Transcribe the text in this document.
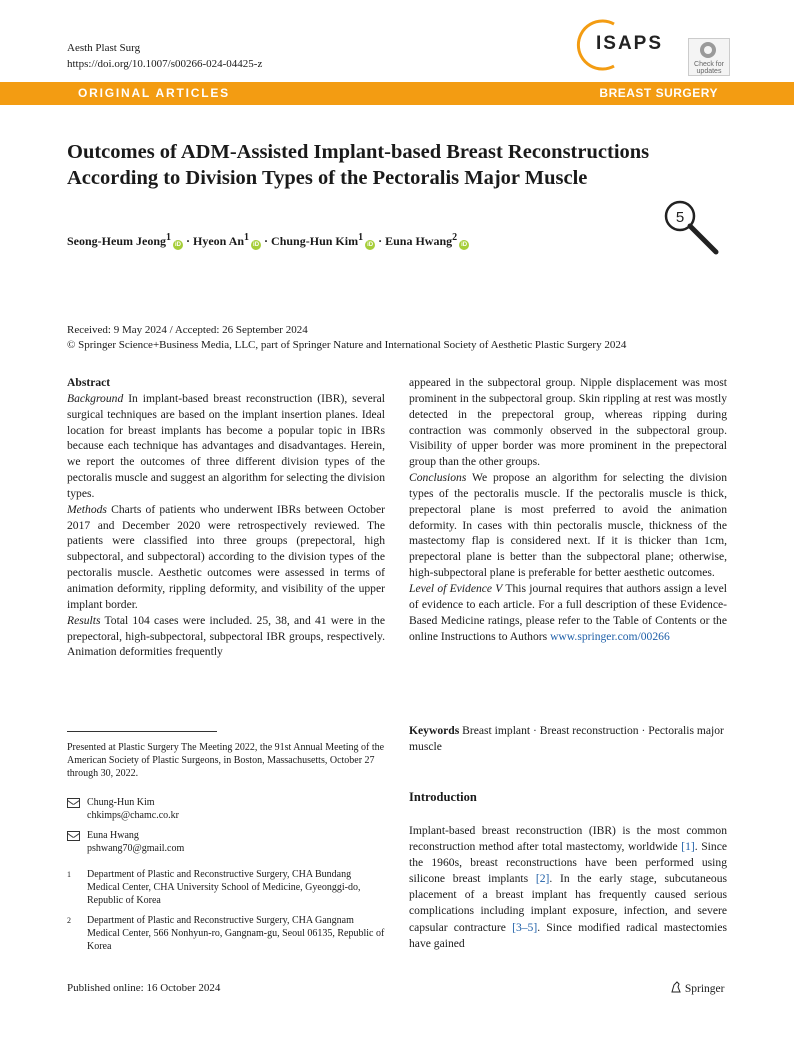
Aesth Plast Surg
https://doi.org/10.1007/s00266-024-04425-z
ISAPS
Check for updates
ORIGINAL ARTICLES	BREAST SURGERY
Outcomes of ADM-Assisted Implant-based Breast Reconstructions According to Division Types of the Pectoralis Major Muscle
5
Seong-Heum Jeong$^1$iD · Hyeon $An^1iD$ · Chung-Hun Kim$^1$iD · Euna Hwang$^2$iD
Received: 9 May 2024 / Accepted: 26 September 2024
© Springer Science+Business Media, LLC, part of Springer Nature and International Society of Aesthetic Plastic Surgery 2024
Abstract
Background In implant-based breast reconstruction (IBR), several surgical techniques are based on the implant insertion planes. Ideal location for breast implants has become a popular topic in IBRs because each technique has advantages and disadvantages. Herein, we report the outcomes of three different division types of the pectoralis muscle and suggest an algorithm for selecting the division types.
Methods Charts of patients who underwent IBRs between October 2017 and December 2020 were retrospectively reviewed. The patients were classified into three groups (prepectoral, high subpectoral, and subpectoral) according to the division types of the pectoralis muscle. Aesthetic outcomes were assessed in terms of animation deformity, rippling deformity, and visibility of the upper implant border.
Results Total 104 cases were included. 25, 38, and 41 were in the prepectoral, high-subpectoral, subpectoral IBR groups, respectively. Animation deformities frequently
appeared in the subpectoral group. Nipple displacement was most prominent in the subpectoral group. Skin rippling at rest was mostly detected in the prepectoral group, whereas ripping during contraction was commonly observed in the subpectoral group. Visibility of upper border was more prominent in the prepectoral group than the other groups.
Conclusions We propose an algorithm for selecting the division types of the pectoralis muscle. If the pectoralis muscle is thick, prepectoral plane is most preferred to avoid the animation deformity. In cases with thin pectoralis muscle, thickness of the mastectomy flap is considered next. If it is thicker than 1cm, prepectoral plane is better than the subpectoral plane; otherwise, high-subpectoral plane is preferable for better aesthetic outcomes.
Level of Evidence V This journal requires that authors assign a level of evidence to each article. For a full description of these Evidence-Based Medicine ratings, please refer to the Table of Contents or the online Instructions to Authors www.springer.com/00266
Presented at Plastic Surgery The Meeting 2022, the 91st Annual Meeting of the American Society of Plastic Surgeons, in Boston, Massachusetts, October 27 through 30, 2022.
Chung-Hun Kim
chkimps@chamc.co.kr
Euna Hwang
pshwang70@gmail.com
1 Department of Plastic and Reconstructive Surgery, CHA Bundang Medical Center, CHA University School of Medicine, Gyeonggi-do, Republic of Korea
2 Department of Plastic and Reconstructive Surgery, CHA Gangnam Medical Center, 566 Nonhyun-ro, Gangnam-gu, Seoul 06135, Republic of Korea
Keywords Breast implant · Breast reconstruction · Pectoralis major muscle
Introduction
Implant-based breast reconstruction (IBR) is the most common reconstruction method after total mastectomy, worldwide [1]. Since the 1960s, breast reconstructions have been performed using silicone breast implants [2]. In the early stage, subcutaneous placement of a breast implant has frequently caused serious complications including implant exposure, infection, and severe capsular contracture [3–5]. Since modified radical mastectomies have gained
Published online: 16 October 2024	Springer
